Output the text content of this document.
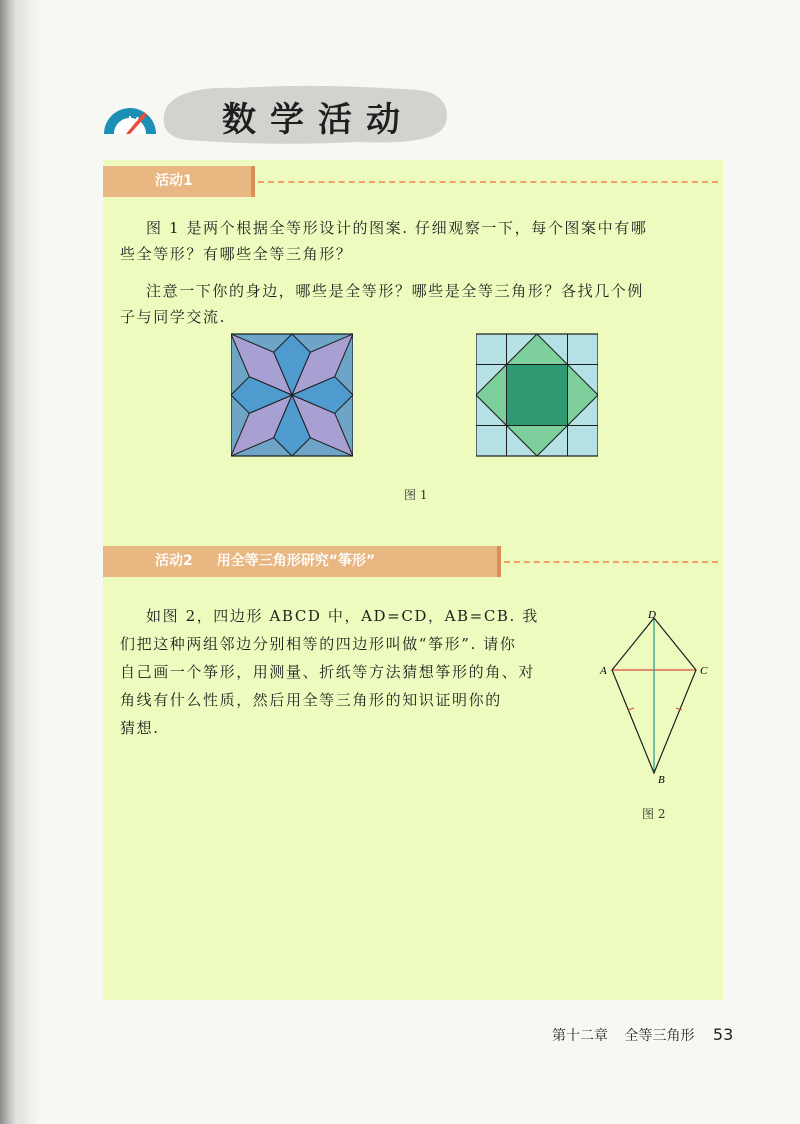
数学活动
活动1
图 1 是两个根据全等形设计的图案. 仔细观察一下，每个图案中有哪
些全等形？有哪些全等三角形？
注意一下你的身边，哪些是全等形？哪些是全等三角形？各找几个例
子与同学交流.
图 1
活动2 用全等三角形研究“筝形”
如图 2，四边形 ABCD 中，AD=CD，AB=CB. 我
们把这种两组邻边分别相等的四边形叫做“筝形”. 请你
自己画一个筝形，用测量、折纸等方法猜想筝形的角、对
角线有什么性质，然后用全等三角形的知识证明你的
猜想.
D
C
A
B
图 2
第十二章 全等三角形 53
